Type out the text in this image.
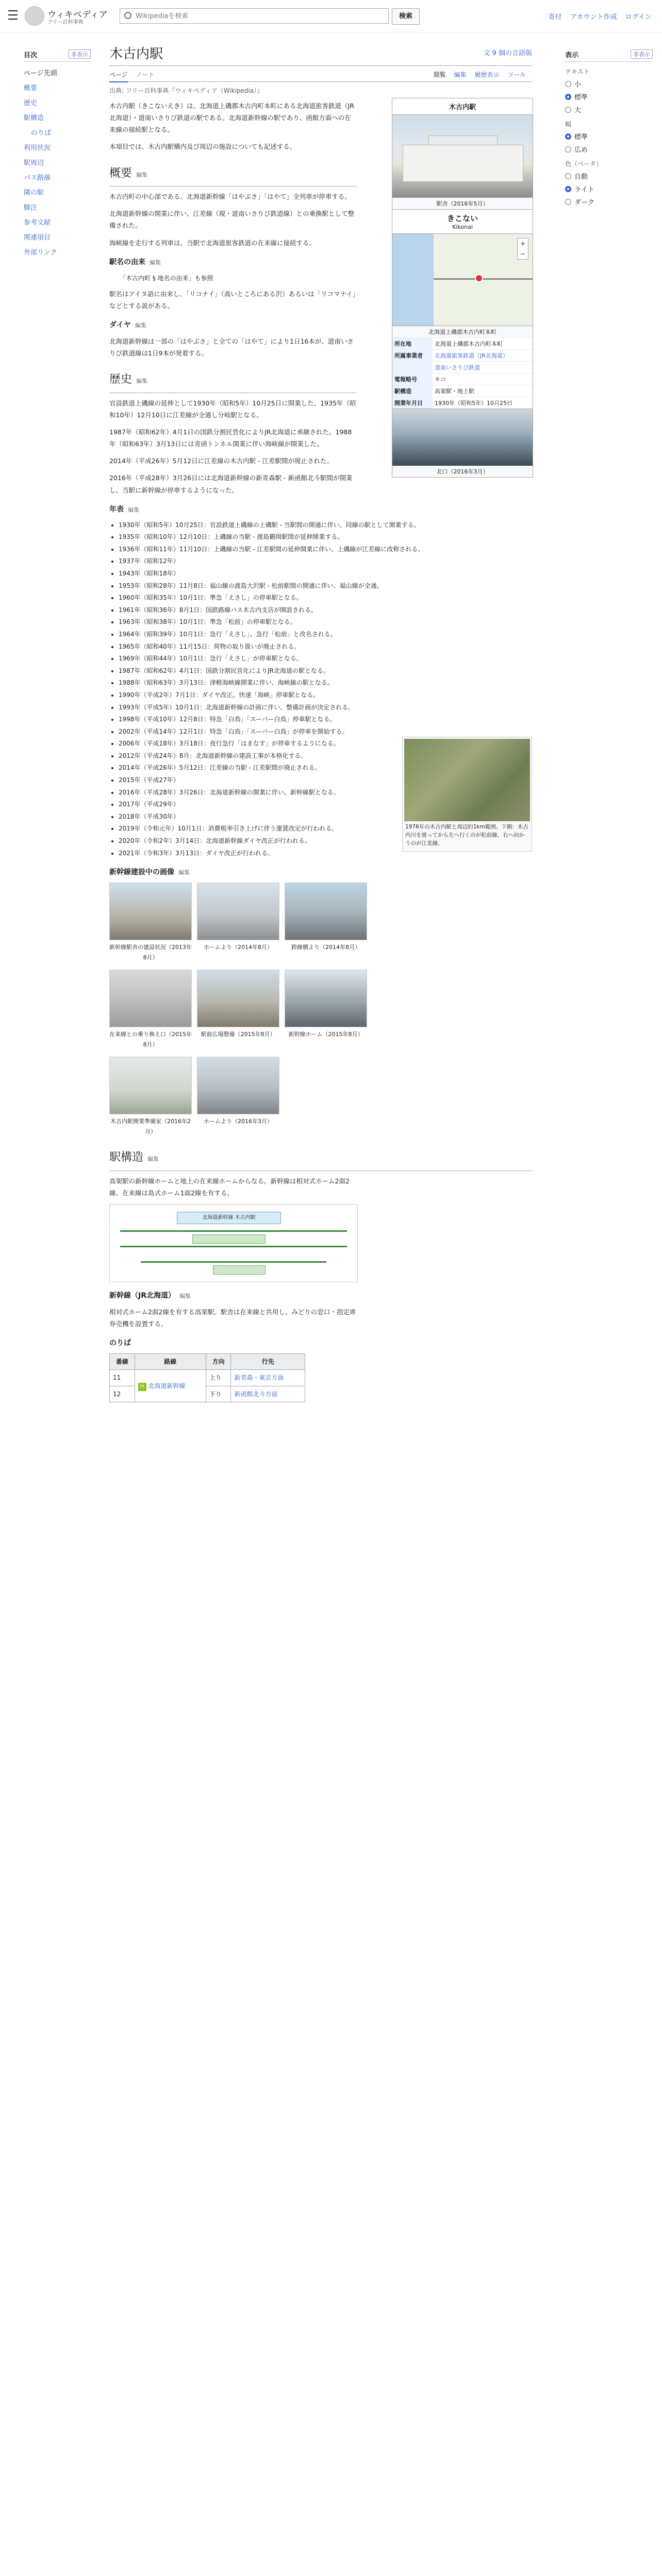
ウィキペディア
フリー百科事典
Wikipediaを検索
検索	寄付 アカウント作成 ログイン
目次	非表示
ページ先頭
概要
歴史
駅構造
のりば
利用状況
駅周辺
バス路線
隣の駅
脚注
参考文献
関連項目
外部リンク
木古内駅	文 9 個の言語版
ページ ノート	閲覧 編集 履歴表示 ツール
出典: フリー百科事典『ウィキペディア（Wikipedia）』

木古内駅（きこないえき）は、北海道上磯郡木古内町本町にある北海道旅客鉄道（JR北海道）・道南いさりび鉄道の駅である。北海道新幹線の駅であり、函館方面への在来線の接続駅となる。

本項目では、木古内駅構内及び周辺の施設についても記述する。

概要 編集

木古内町の中心部である。北海道新幹線「はやぶさ」「はやて」全列車が停車する。

北海道新幹線の開業に伴い、江差線（現・道南いさりび鉄道線）との乗換駅として整備された。

海峡線を走行する列車は、当駅で北海道旅客鉄道の在来線に接続する。

駅名の由来 編集
「木古内町 § 地名の由来」も参照

駅名はアイヌ語に由来し、「リコナイ」（高いところにある沢）あるいは「リコマナイ」などとする説がある。

ダイヤ 編集

北海道新幹線は一部の「はやぶさ」と全ての「はやて」により1日16本が、道南いさりび鉄道線は1日9本が発着する。

歴史 編集

官設鉄道上磯線の延伸として1930年（昭和5年）10月25日に開業した。1935年（昭和10年）12月10日に江差線が全通し分岐駅となる。

1987年（昭和62年）4月1日の国鉄分割民営化によりJR北海道に承継された。1988年（昭和63年）3月13日には青函トンネル開業に伴い海峡線が開業した。

2014年（平成26年）5月12日に江差線の木古内駅 - 江差駅間が廃止された。

2016年（平成28年）3月26日には北海道新幹線の新青森駅 - 新函館北斗駅間が開業し、当駅に新幹線が停車するようになった。

年表 編集
• 1930年（昭和5年）10月25日：官設鉄道上磯線の上磯駅 - 当駅間の開通に伴い、同線の駅として開業する。
• 1935年（昭和10年）12月10日：上磯線の当駅 - 渡島鶴岡駅間が延伸開業する。
• 1936年（昭和11年）11月10日：上磯線の当駅 - 江差駅間の延伸開業に伴い、上磯線が江差線に改称される。
• 1937年（昭和12年）
• 1943年（昭和18年）
• 1953年（昭和28年）11月8日：福山線の渡島大沢駅 - 松前駅間の開通に伴い、福山線が全通。
• 1960年（昭和35年）10月1日：準急「えさし」の停車駅となる。
• 1961年（昭和36年）8月1日：国鉄路線バス木古内支店が開設される。
• 1963年（昭和38年）10月1日：準急「松前」の停車駅となる。
• 1964年（昭和39年）10月1日：急行「えさし」、急行「松前」と改名される。
• 1965年（昭和40年）11月15日：荷物の取り扱いが廃止される。
• 1969年（昭和44年）10月1日：急行「えさし」が停車駅となる。
• 1987年（昭和62年）4月1日：国鉄分割民営化によりJR北海道の駅となる。
• 1988年（昭和63年）3月13日：津軽海峡線開業に伴い、海峡線の駅となる。
• 1990年（平成2年）7月1日：ダイヤ改正。快速「海峡」停車駅となる。
• 1993年（平成5年）10月1日：北海道新幹線の計画に伴い、整備計画が決定される。
• 1998年（平成10年）12月8日：特急「白鳥」「スーパー白鳥」停車駅となる。
• 2002年（平成14年）12月1日：特急「白鳥」「スーパー白鳥」が停車を開始する。
• 2006年（平成18年）3月18日：夜行急行「はまなす」が停車するようになる。
• 2012年（平成24年）8月：北海道新幹線の建設工事が本格化する。
• 2014年（平成26年）5月12日：江差線の当駅 - 江差駅間が廃止される。
• 2015年（平成27年）
• 2016年（平成28年）3月26日：北海道新幹線の開業に伴い、新幹線駅となる。
• 2017年（平成29年）
• 2018年（平成30年）
• 2019年（令和元年）10月1日：消費税率引き上げに伴う運賃改定が行われる。
• 2020年（令和2年）3月14日：北海道新幹線ダイヤ改正が行われる。
• 2021年（令和3年）3月13日：ダイヤ改正が行われる。
新幹線建設中の画像 編集
新幹線駅舎の建設状況（2013年8月）
ホームより（2014年8月）	跨線橋より（2014年8月）
在来線との乗り換え口（2015年8月）
駅前広場整備（2015年8月）	新幹線ホーム（2015年8月）
木古内駅開業準備室（2016年2月）
ホームより（2016年3月）
駅構造 編集

高架駅の新幹線ホームと地上の在来線ホームからなる。新幹線は相対式ホーム2面2線、在来線は島式ホーム1面2線を有する。

北海道新幹線 木古内駅
新幹線（JR北海道） 編集

相対式ホーム2面2線を有する高架駅。駅舎は在来線と共用し、みどりの窓口・指定席券売機を設置する。

のりば
番線	路線	方向	行先
11	H 北海道新幹線	上り	新青森・東京方面
12		下り	新函館北斗方面
木古内駅
駅舎（2016年5月）
きこない
Kikonai
+
−
北海道上磯郡木古内町本町
所在地	北海道上磯郡木古内町本町
所属事業者	北海道旅客鉄道（JR北海道）
道南いさりび鉄道
電報略号	キコ
駅構造	高架駅・地上駅
開業年月日	1930年（昭和5年）10月25日
北口（2016年3月）
1976年の木古内駅と周辺約1km範囲。下側：木古内川を渡ってから左へ行くのが松前線、右へ向かうのが江差線。
表示	非表示
テキスト
小
標準
大
幅
標準
広め
色（ベータ）
自動
ライト
ダーク
